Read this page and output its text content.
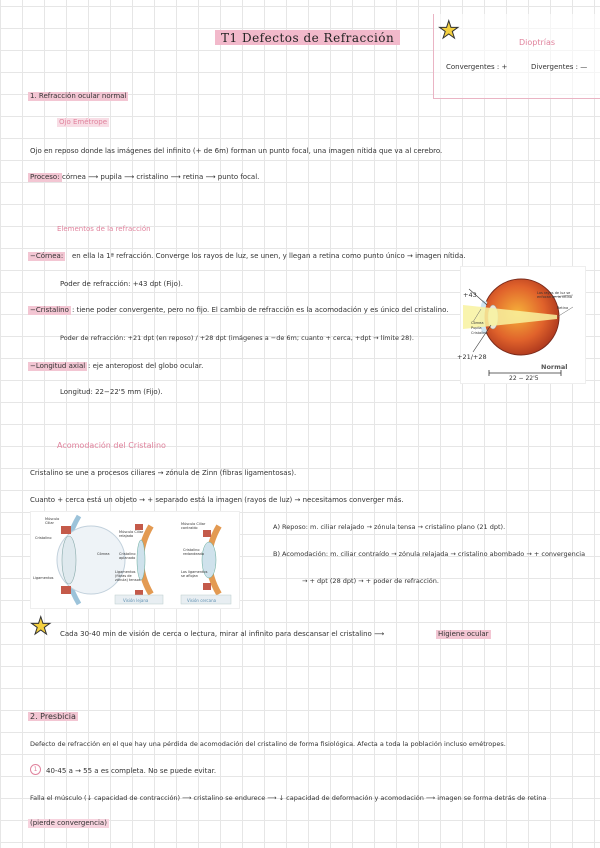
T1 Defectos de Refracción ★	Dioptrías
Convergentes : +	Divergentes : —
1. Refracción ocular normal
Ojo Emétrope
Ojo en reposo donde las imágenes del infinito (+ de 6m) forman un punto focal, una imagen nítida que va al cerebro.
Proceso: córnea ⟶ pupila ⟶ cristalino ⟶ retina ⟶ punto focal.
Elementos de la refracción
−Córnea: en ella la 1ª refracción. Converge los rayos de luz, se unen, y llegan a retina como punto único → imagen nítida.
Poder de refracción: +43 dpt (Fijo).
−Cristalino : tiene poder convergente, pero no fijo. El cambio de refracción es la acomodación y es único del cristalino.
Poder de refracción: +21 dpt (en reposo) / +28 dpt (imágenes a −de 6m; cuanto + cerca, +dpt → límite 28).
−Longitud axial : eje anteropost del globo ocular.
Longitud: 22−22'5 mm (Fijo).
+43
+21/+28
Retina
Córnea
Pupila
Cristalino
Los rayos de luz se enfocan en la retina
Normal
22 − 22'5
Acomodación del Cristalino
Cristalino se une a procesos ciliares → zónula de Zinn (fibras ligamentosas).
Cuanto + cerca está un objeto → + separado está la imagen (rayos de luz) → necesitamos converger más.
Músculo Ciliar
Cristalino
Ligamentos
Córnea
Músculo Ciliar relajado
Cristalino aplanado
Ligamentos (fibras de zónula) tensos
Músculo Ciliar contraído
Cristalino redondeado
Los ligamentos se aflojan
Visión lejana	Visión cercana
A) Reposo: m. ciliar relajado → zónula tensa → cristalino plano (21 dpt).
B) Acomodación: m. ciliar contraído → zónula relajada → cristalino abombado → + convergencia
→ + dpt (28 dpt) → + poder de refracción.
★ Cada 30-40 min de visión de cerca o lectura, mirar al infinito para descansar el cristalino ⟶	Higiene ocular
2. Presbicia
Defecto de refracción en el que hay una pérdida de acomodación del cristalino de forma fisiológica. Afecta a toda la población incluso emétropes.
1	40-45 a → 55 a es completa. No se puede evitar.
Falla el músculo (↓ capacidad de contracción) ⟶ cristalino se endurece ⟶ ↓ capacidad de deformación y acomodación ⟶ imagen se forma detrás de retina
(pierde convergencia)
